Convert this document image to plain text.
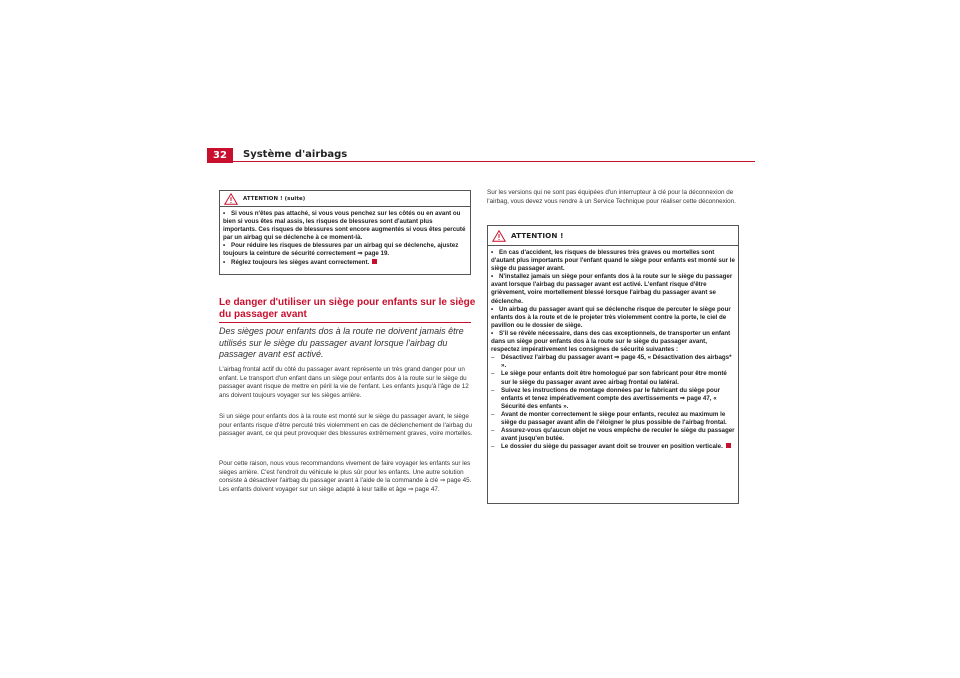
32	Système d'airbags
ATTENTION ! (suite)
• Si vous n'êtes pas attaché, si vous vous penchez sur les côtés ou en avant ou bien si vous êtes mal assis, les risques de blessures sont d'autant plus importants. Ces risques de blessures sont encore augmentés si vous êtes percuté par un airbag qui se déclenche à ce moment-là.
• Pour réduire les risques de blessures par un airbag qui se déclenche, ajustez toujours la ceinture de sécurité correctement ⇒ page 19.
• Réglez toujours les sièges avant correctement.
Le danger d'utiliser un siège pour enfants sur le siège du passager avant
Des sièges pour enfants dos à la route ne doivent jamais être utilisés sur le siège du passager avant lorsque l'airbag du passager avant est activé.
L'airbag frontal actif du côté du passager avant représente un très grand danger pour un enfant. Le transport d'un enfant dans un siège pour enfants dos à la route sur le siège du passager avant risque de mettre en péril la vie de l'enfant. Les enfants jusqu'à l'âge de 12 ans doivent toujours voyager sur les sièges arrière.
Si un siège pour enfants dos à la route est monté sur le siège du passager avant, le siège pour enfants risque d'être percuté très violemment en cas de déclenchement de l'airbag du passager avant, ce qui peut provoquer des blessures extrêmement graves, voire mortelles.
Pour cette raison, nous vous recommandons vivement de faire voyager les enfants sur les sièges arrière. C'est l'endroit du véhicule le plus sûr pour les enfants. Une autre solution consiste à désactiver l'airbag du passager avant à l'aide de la commande à clé ⇒ page 45. Les enfants doivent voyager sur un siège adapté à leur taille et âge ⇒ page 47.
Sur les versions qui ne sont pas équipées d'un interrupteur à clé pour la déconnexion de l'airbag, vous devez vous rendre à un Service Technique pour réaliser cette déconnexion.
ATTENTION !
• En cas d'accident, les risques de blessures très graves ou mortelles sont d'autant plus importants pour l'enfant quand le siège pour enfants est monté sur le siège du passager avant.
• N'installez jamais un siège pour enfants dos à la route sur le siège du passager avant lorsque l'airbag du passager avant est activé. L'enfant risque d'être grièvement, voire mortellement blessé lorsque l'airbag du passager avant se déclenche.
• Un airbag du passager avant qui se déclenche risque de percuter le siège pour enfants dos à la route et de le projeter très violemment contre la porte, le ciel de pavillon ou le dossier de siège.
• S'il se révèle nécessaire, dans des cas exceptionnels, de transporter un enfant dans un siège pour enfants dos à la route sur le siège du passager avant, respectez impérativement les consignes de sécurité suivantes :
– Désactivez l'airbag du passager avant ⇒ page 45, « Désactivation des airbags* ».
– Le siège pour enfants doit être homologué par son fabricant pour être monté sur le siège du passager avant avec airbag frontal ou latéral.
– Suivez les instructions de montage données par le fabricant du siège pour enfants et tenez impérativement compte des avertissements ⇒ page 47, « Sécurité des enfants ».
– Avant de monter correctement le siège pour enfants, reculez au maximum le siège du passager avant afin de l'éloigner le plus possible de l'airbag frontal.
– Assurez-vous qu'aucun objet ne vous empêche de reculer le siège du passager avant jusqu'en butée.
– Le dossier du siège du passager avant doit se trouver en position verticale.
